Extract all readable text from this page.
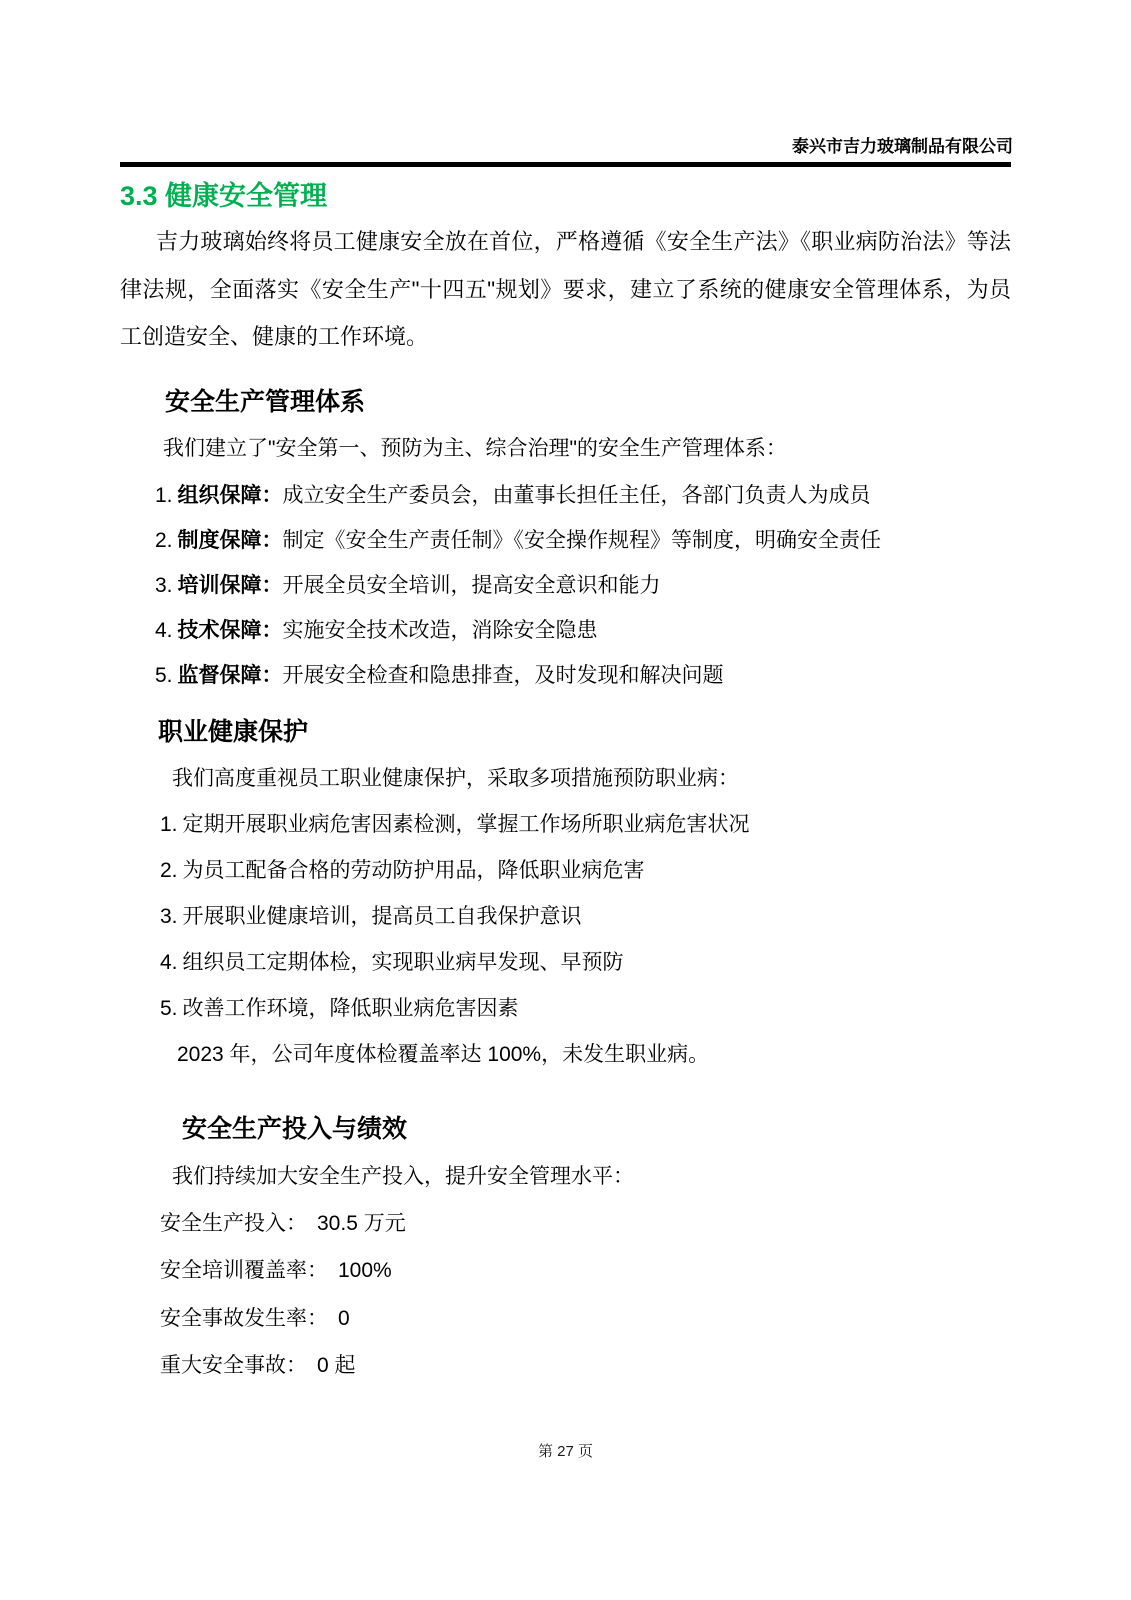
泰兴市吉力玻璃制品有限公司
3.3 健康安全管理

吉力玻璃始终将员工健康安全放在首位，严格遵循《安全生产法》《职业病防治法》等法律法规，全面落实《安全生产"十四五"规划》要求，建立了系统的健康安全管理体系，为员工创造安全、健康的工作环境。

安全生产管理体系

我们建立了"安全第一、预防为主、综合治理"的安全生产管理体系：

1. 组织保障：成立安全生产委员会，由董事长担任主任，各部门负责人为成员
2. 制度保障：制定《安全生产责任制》《安全操作规程》等制度，明确安全责任
3. 培训保障：开展全员安全培训，提高安全意识和能力
4. 技术保障：实施安全技术改造，消除安全隐患
5. 监督保障：开展安全检查和隐患排查，及时发现和解决问题
职业健康保护

我们高度重视员工职业健康保护，采取多项措施预防职业病：

1. 定期开展职业病危害因素检测，掌握工作场所职业病危害状况
2. 为员工配备合格的劳动防护用品，降低职业病危害
3. 开展职业健康培训，提高员工自我保护意识
4. 组织员工定期体检，实现职业病早发现、早预防
5. 改善工作环境，降低职业病危害因素

2023 年，公司年度体检覆盖率达 100%，未发生职业病。

安全生产投入与绩效

我们持续加大安全生产投入，提升安全管理水平：

安全生产投入： 30.5 万元
安全培训覆盖率： 100%
安全事故发生率： 0
重大安全事故： 0 起
第 27 页
